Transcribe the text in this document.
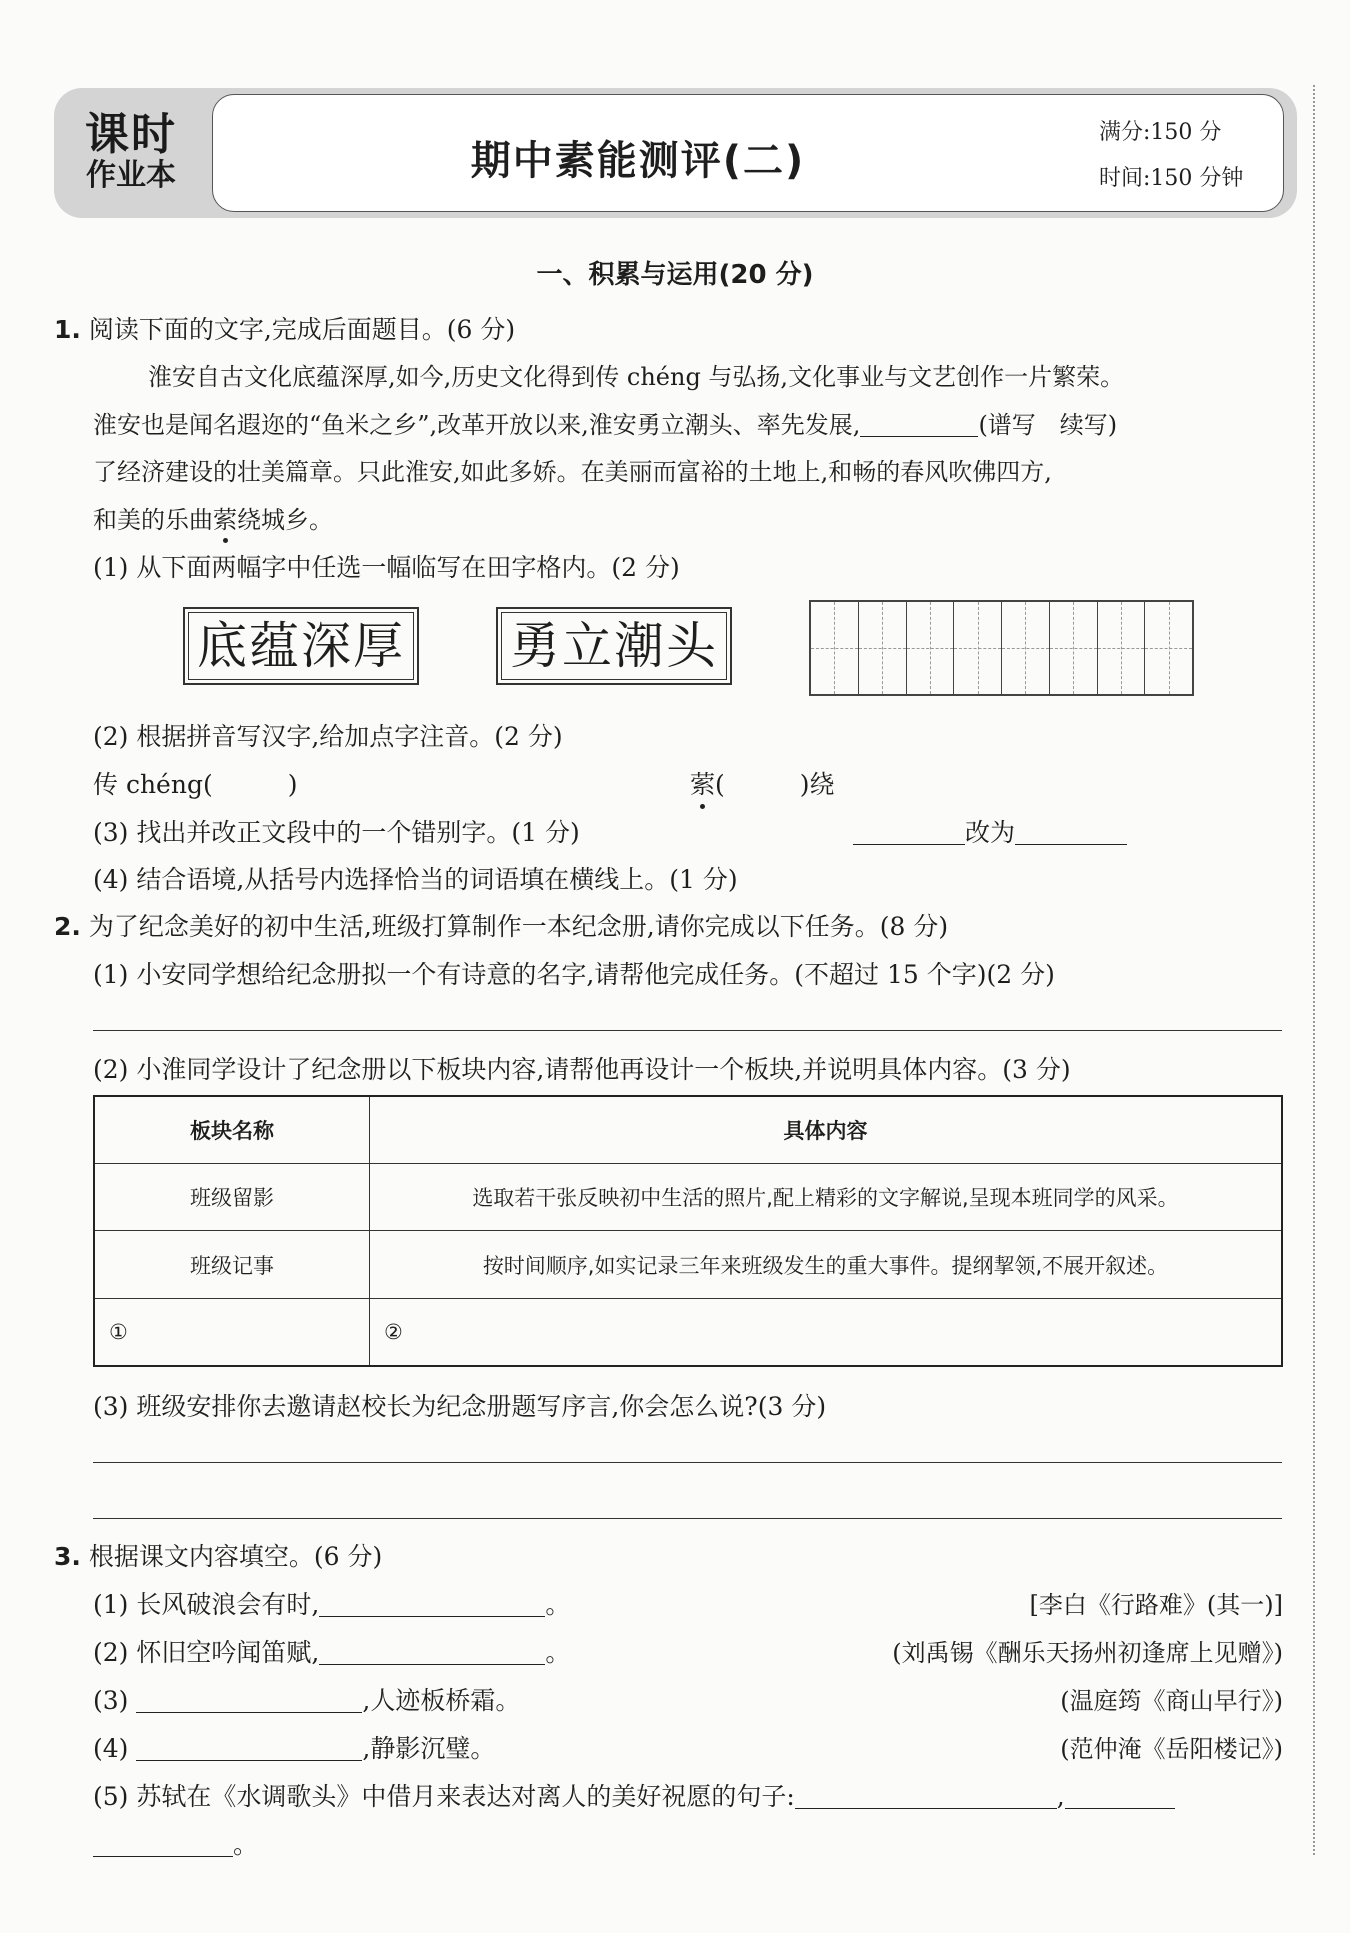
课时
作业本	期中素能测评(二)
满分:150 分
时间:150 分钟
一、积累与运用(20 分)
1. 阅读下面的文字,完成后面题目。(6 分)
淮安自古文化底蕴深厚,如今,历史文化得到传 chéng 与弘扬,文化事业与文艺创作一片繁荣。
淮安也是闻名遐迩的“鱼米之乡”,改革开放以来,淮安勇立潮头、率先发展,	(谱写　续写)
了经济建设的壮美篇章。只此淮安,如此多娇。在美丽而富裕的土地上,和畅的春风吹佛四方,
和美的乐曲萦绕城乡。
(1) 从下面两幅字中任选一幅临写在田字格内。(2 分)
底蕴深厚 勇立潮头
(2) 根据拼音写汉字,给加点字注音。(2 分)
传 chéng(　　　)	萦(　　　)绕
(3) 找出并改正文段中的一个错别字。(1 分)	改为
(4) 结合语境,从括号内选择恰当的词语填在横线上。(1 分)
2. 为了纪念美好的初中生活,班级打算制作一本纪念册,请你完成以下任务。(8 分)
(1) 小安同学想给纪念册拟一个有诗意的名字,请帮他完成任务。(不超过 15 个字)(2 分)
(2) 小淮同学设计了纪念册以下板块内容,请帮他再设计一个板块,并说明具体内容。(3 分)
板块名称	具体内容
班级留影	选取若干张反映初中生活的照片,配上精彩的文字解说,呈现本班同学的风采。
班级记事	按时间顺序,如实记录三年来班级发生的重大事件。提纲挈领,不展开叙述。
①	②
(3) 班级安排你去邀请赵校长为纪念册题写序言,你会怎么说?(3 分)
3. 根据课文内容填空。(6 分)
(1) 长风破浪会有时,	。	[李白《行路难》(其一)]
(2) 怀旧空吟闻笛赋,	。	(刘禹锡《酬乐天扬州初逢席上见赠》)
(3)	,人迹板桥霜。	(温庭筠《商山早行》)
(4)	,静影沉璧。	(范仲淹《岳阳楼记》)
(5) 苏轼在《水调歌头》中借月来表达对离人的美好祝愿的句子:	,
。
